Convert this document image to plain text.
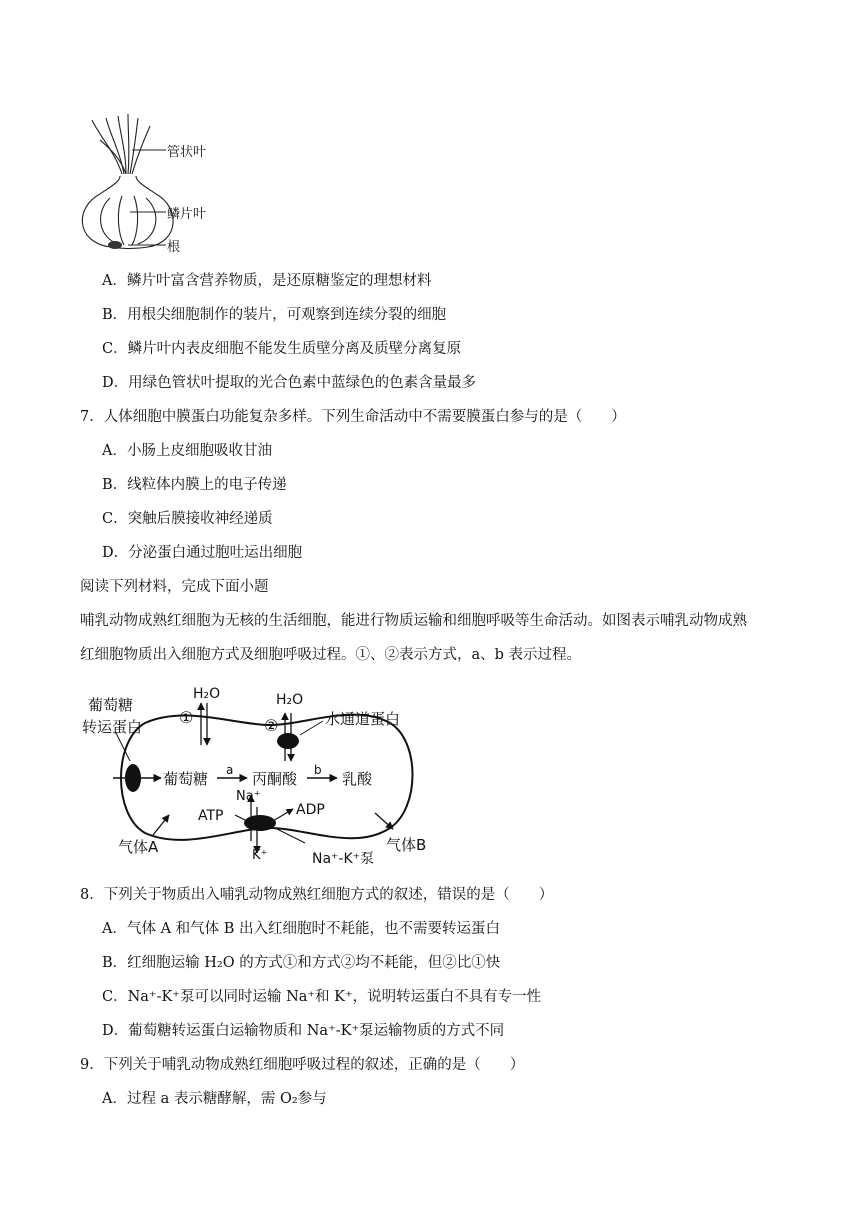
管状叶
鳞片叶
根
A．鳞片叶富含营养物质，是还原糖鉴定的理想材料
B．用根尖细胞制作的装片，可观察到连续分裂的细胞
C．鳞片叶内表皮细胞不能发生质壁分离及质壁分离复原
D．用绿色管状叶提取的光合色素中蓝绿色的色素含量最多
7．人体细胞中膜蛋白功能复杂多样。下列生命活动中不需要膜蛋白参与的是（　　）
A．小肠上皮细胞吸收甘油
B．线粒体内膜上的电子传递
C．突触后膜接收神经递质
D．分泌蛋白通过胞吐运出细胞
阅读下列材料，完成下面小题
哺乳动物成熟红细胞为无核的生活细胞，能进行物质运输和细胞呼吸等生命活动。如图表示哺乳动物成熟
红细胞物质出入细胞方式及细胞呼吸过程。①、②表示方式，a、b 表示过程。
葡萄糖
转运蛋白 ①
H₂O
②
H₂O
水通道蛋白
葡萄糖 a 丙酮酸 b 乳酸
Na⁺
ATP	ADP
气体A	气体B
K⁺	Na⁺-K⁺泵
8．下列关于物质出入哺乳动物成熟红细胞方式的叙述，错误的是（　　）
A．气体 A 和气体 B 出入红细胞时不耗能，也不需要转运蛋白
B．红细胞运输 H₂O 的方式①和方式②均不耗能，但②比①快
C．Na⁺-K⁺泵可以同时运输 Na⁺和 K⁺，说明转运蛋白不具有专一性
D．葡萄糖转运蛋白运输物质和 Na⁺-K⁺泵运输物质的方式不同
9．下列关于哺乳动物成熟红细胞呼吸过程的叙述，正确的是（　　）
A．过程 a 表示糖酵解，需 O₂参与
